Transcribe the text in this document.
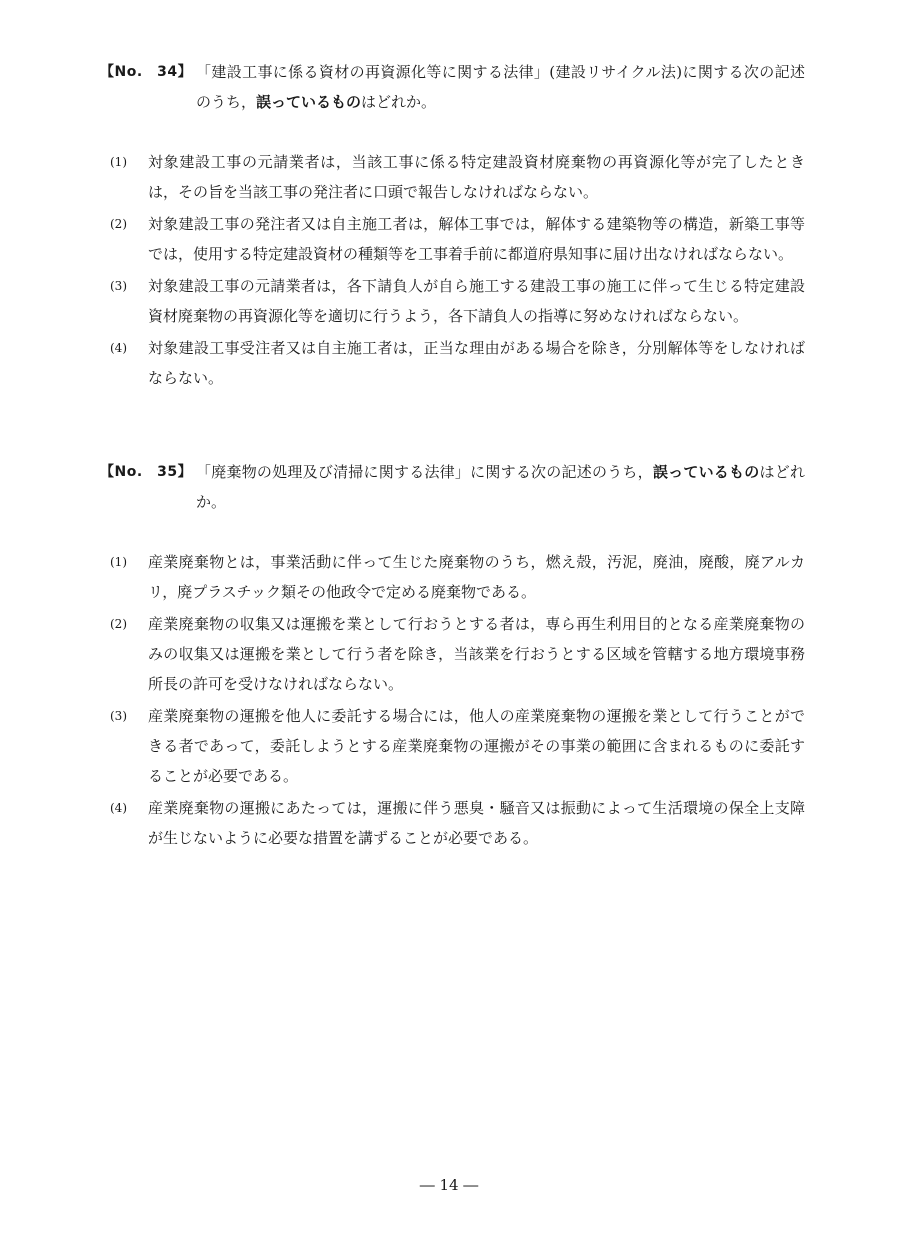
【No.　34】 「建設工事に係る資材の再資源化等に関する法律」(建設リサイクル法)に関する次の記述のうち，誤っているものはどれか。
(1) 対象建設工事の元請業者は，当該工事に係る特定建設資材廃棄物の再資源化等が完了したときは，その旨を当該工事の発注者に口頭で報告しなければならない。
(2) 対象建設工事の発注者又は自主施工者は，解体工事では，解体する建築物等の構造，新築工事等では，使用する特定建設資材の種類等を工事着手前に都道府県知事に届け出なければならない。
(3) 対象建設工事の元請業者は，各下請負人が自ら施工する建設工事の施工に伴って生じる特定建設資材廃棄物の再資源化等を適切に行うよう，各下請負人の指導に努めなければならない。
(4) 対象建設工事受注者又は自主施工者は，正当な理由がある場合を除き，分別解体等をしなければならない。
【No.　35】 「廃棄物の処理及び清掃に関する法律」に関する次の記述のうち，誤っているものはどれか。
(1) 産業廃棄物とは，事業活動に伴って生じた廃棄物のうち，燃え殻，汚泥，廃油，廃酸，廃アルカリ，廃プラスチック類その他政令で定める廃棄物である。
(2) 産業廃棄物の収集又は運搬を業として行おうとする者は，専ら再生利用目的となる産業廃棄物のみの収集又は運搬を業として行う者を除き，当該業を行おうとする区域を管轄する地方環境事務所長の許可を受けなければならない。
(3) 産業廃棄物の運搬を他人に委託する場合には，他人の産業廃棄物の運搬を業として行うことができる者であって，委託しようとする産業廃棄物の運搬がその事業の範囲に含まれるものに委託することが必要である。
(4) 産業廃棄物の運搬にあたっては，運搬に伴う悪臭・騒音又は振動によって生活環境の保全上支障が生じないように必要な措置を講ずることが必要である。
― 14 ―
